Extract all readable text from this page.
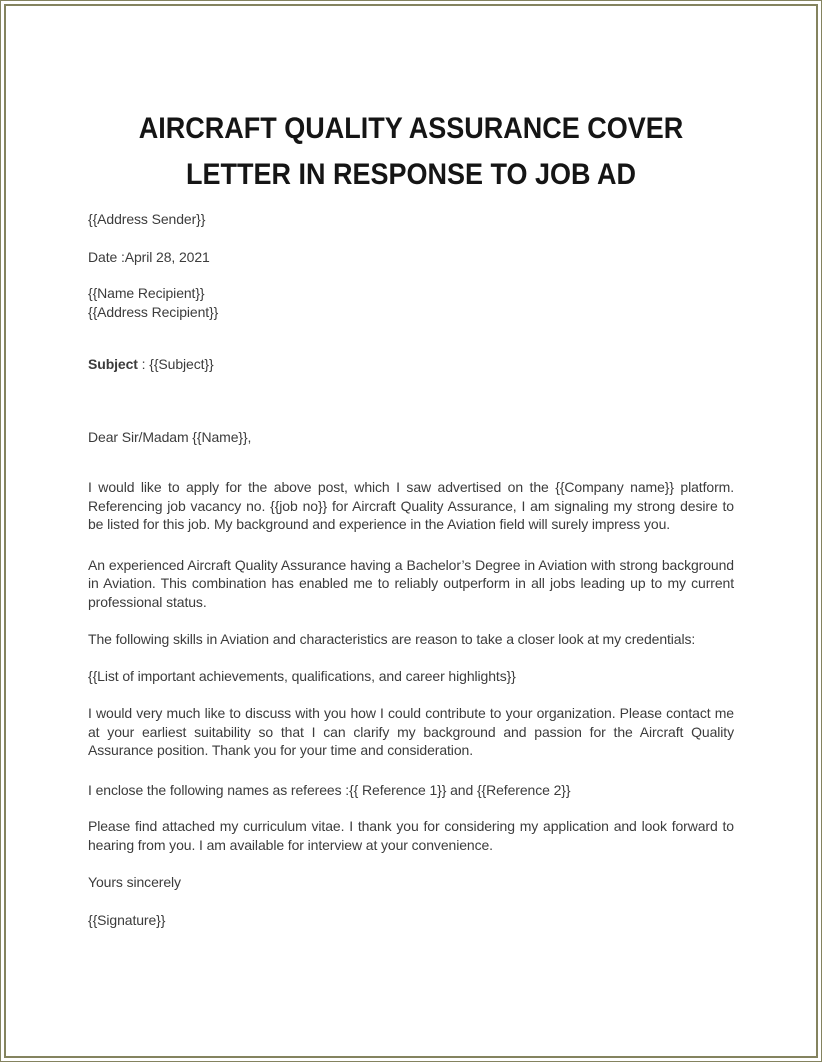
AIRCRAFT QUALITY ASSURANCE COVER
LETTER IN RESPONSE TO JOB AD

{{Address Sender}}

Date :April 28, 2021

{{Name Recipient}}
{{Address Recipient}}

Subject : {{Subject}}

Dear Sir/Madam {{Name}},

I would like to apply for the above post, which I saw advertised on the {{Company name}} platform. Referencing job vacancy no. {{job no}} for Aircraft Quality Assurance, I am signaling my strong desire to be listed for this job. My background and experience in the Aviation field will surely impress you.

An experienced Aircraft Quality Assurance having a Bachelor’s Degree in Aviation with strong background in Aviation. This combination has enabled me to reliably outperform in all jobs leading up to my current professional status.

The following skills in Aviation and characteristics are reason to take a closer look at my credentials:

{{List of important achievements, qualifications, and career highlights}}

I would very much like to discuss with you how I could contribute to your organization. Please contact me at your earliest suitability so that I can clarify my background and passion for the Aircraft Quality Assurance position. Thank you for your time and consideration.

I enclose the following names as referees :{{ Reference 1}} and {{Reference 2}}

Please find attached my curriculum vitae. I thank you for considering my application and look forward to hearing from you. I am available for interview at your convenience.

Yours sincerely

{{Signature}}
